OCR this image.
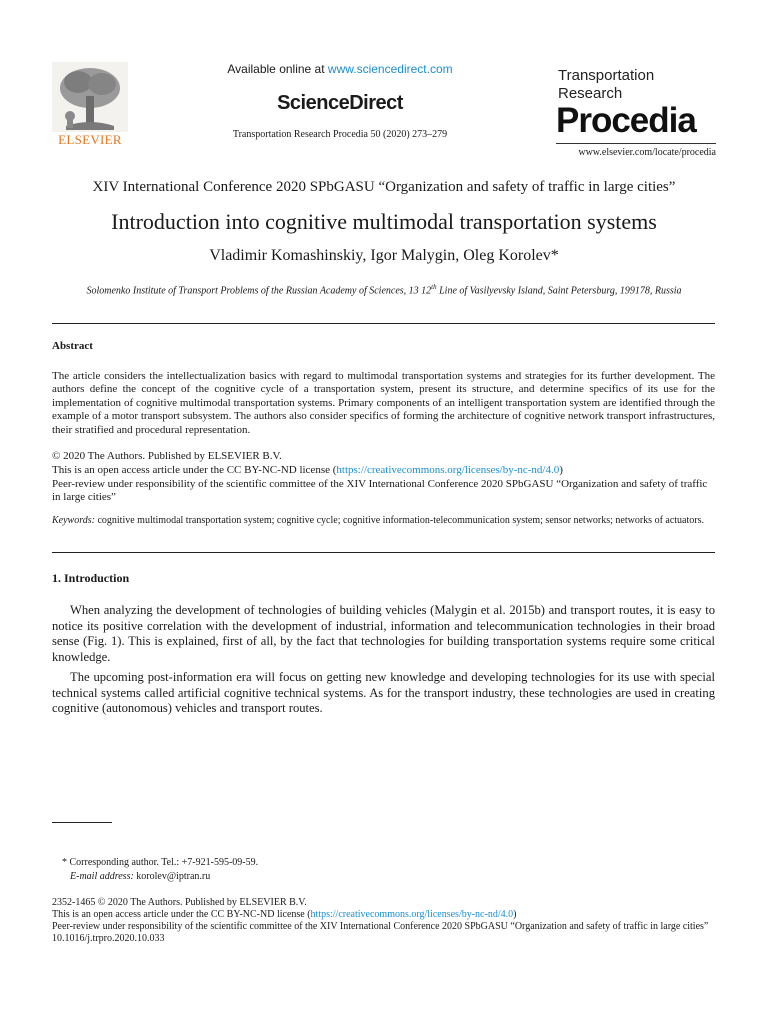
ELSEVIER
Available online at www.sciencedirect.com
ScienceDirect
Transportation Research Procedia 50 (2020) 273–279
Transportation
Research
Procedia
www.elsevier.com/locate/procedia
XIV International Conference 2020 SPbGASU “Organization and safety of traffic in large cities”
Introduction into cognitive multimodal transportation systems
Vladimir Komashinskiy, Igor Malygin, Oleg Korolev*
Solomenko Institute of Transport Problems of the Russian Academy of Sciences, 13 12th Line of Vasilyevsky Island, Saint Petersburg, 199178, Russia
Abstract
The article considers the intellectualization basics with regard to multimodal transportation systems and strategies for its further development. The authors define the concept of the cognitive cycle of a transportation system, present its structure, and determine specifics of its use for the implementation of cognitive multimodal transportation systems. Primary components of an intelligent transportation system are identified through the example of a motor transport subsystem. The authors also consider specifics of forming the architecture of cognitive network transport infrastructures, their stratified and procedural representation.
© 2020 The Authors. Published by ELSEVIER B.V.
This is an open access article under the CC BY-NC-ND license (https://creativecommons.org/licenses/by-nc-nd/4.0)
Peer-review under responsibility of the scientific committee of the XIV International Conference 2020 SPbGASU “Organization and safety of traffic in large cities”
Keywords: cognitive multimodal transportation system; cognitive cycle; cognitive information-telecommunication system; sensor networks; networks of actuators.
1. Introduction
When analyzing the development of technologies of building vehicles (Malygin et al. 2015b) and transport routes, it is easy to notice its positive correlation with the development of industrial, information and telecommunication technologies in their broad sense (Fig. 1). This is explained, first of all, by the fact that technologies for building transportation systems require some critical knowledge.
The upcoming post-information era will focus on getting new knowledge and developing technologies for its use with special technical systems called artificial cognitive technical systems. As for the transport industry, these technologies are used in creating cognitive (autonomous) vehicles and transport routes.
* Corresponding author. Tel.: +7-921-595-09-59.
E-mail address: korolev@iptran.ru
2352-1465 © 2020 The Authors. Published by ELSEVIER B.V.
This is an open access article under the CC BY-NC-ND license (https://creativecommons.org/licenses/by-nc-nd/4.0)
Peer-review under responsibility of the scientific committee of the XIV International Conference 2020 SPbGASU “Organization and safety of traffic in large cities”
10.1016/j.trpro.2020.10.033
